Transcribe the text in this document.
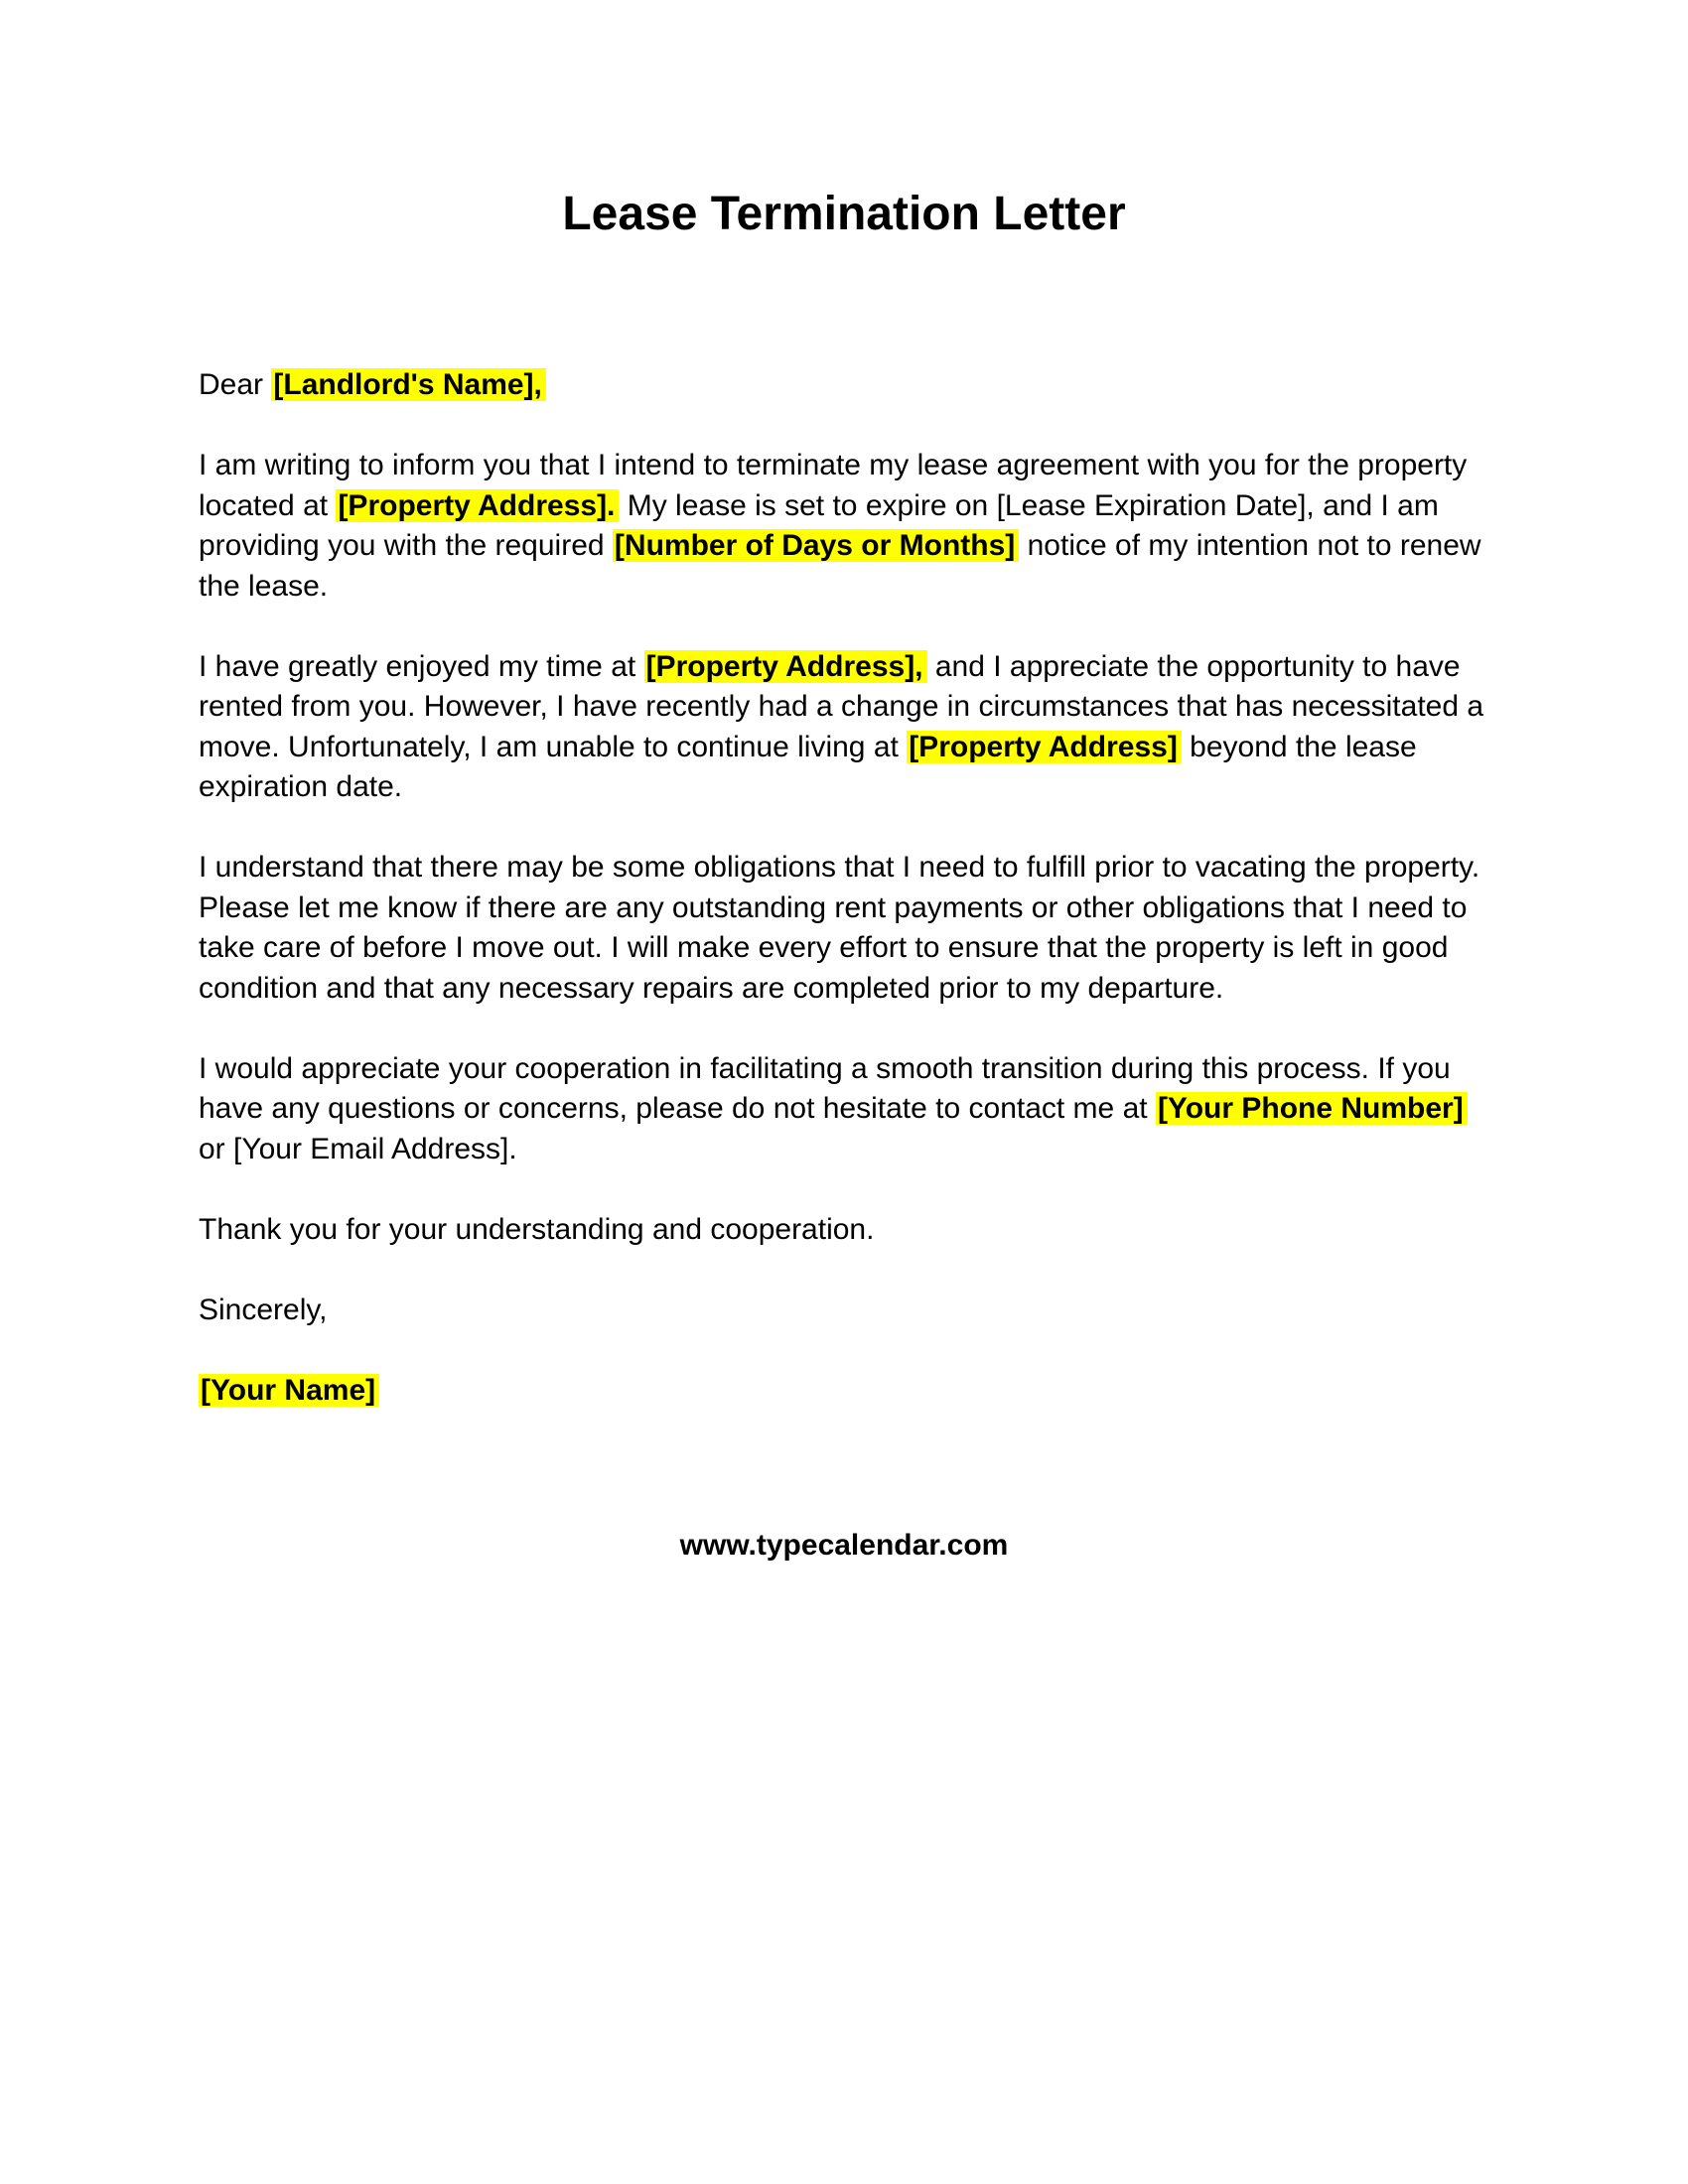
Lease Termination Letter

Dear [Landlord's Name],

I am writing to inform you that I intend to terminate my lease agreement with you for the property located at [Property Address]. My lease is set to expire on [Lease Expiration Date], and I am providing you with the required [Number of Days or Months] notice of my intention not to renew the lease.

I have greatly enjoyed my time at [Property Address], and I appreciate the opportunity to have rented from you. However, I have recently had a change in circumstances that has necessitated a move. Unfortunately, I am unable to continue living at [Property Address] beyond the lease expiration date.

I understand that there may be some obligations that I need to fulfill prior to vacating the property. Please let me know if there are any outstanding rent payments or other obligations that I need to take care of before I move out. I will make every effort to ensure that the property is left in good condition and that any necessary repairs are completed prior to my departure.

I would appreciate your cooperation in facilitating a smooth transition during this process. If you have any questions or concerns, please do not hesitate to contact me at [Your Phone Number] or [Your Email Address].

Thank you for your understanding and cooperation.

Sincerely,

[Your Name]

www.typecalendar.com
